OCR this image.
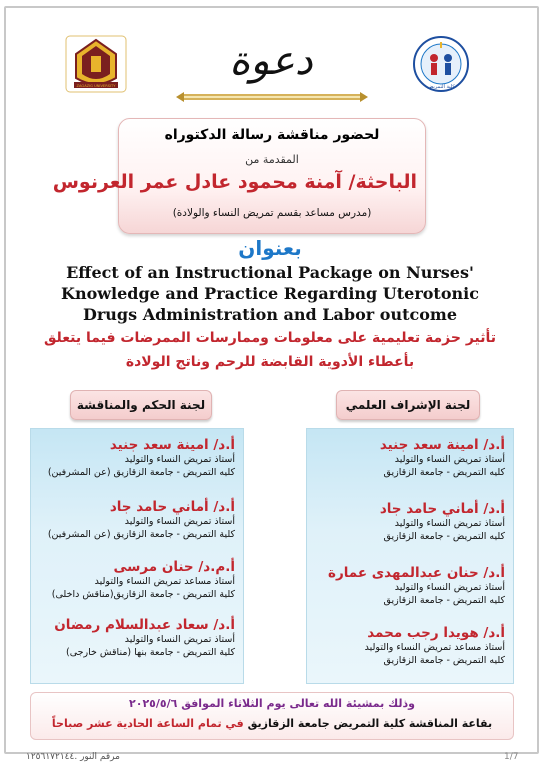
ZAGAZIG UNIVERSITY	كلية التمريض
دعوة
لحضور مناقشة رسالة الدكتوراه
المقدمة من
الباحثة/ آمنة محمود عادل عمر العرنوس
(مدرس مساعد بقسم تمريض النساء والولادة)
بعنوان
Effect of an Instructional Package on Nurses' Knowledge and Practice Regarding Uterotonic Drugs Administration and Labor outcome
تأثير حزمة تعليمية على معلومات وممارسات الممرضات فيما يتعلق
بأعطاء الأدوية القابضة للرحم وناتج الولادة
لجنة الحكم والمناقشة	لجنة الإشراف العلمي
أ.د/ امينة سعد جنيد
أستاذ تمريض النساء والتوليد
كليه التمريض - جامعة الزقازيق (عن المشرفين)
أ.د/ أماني حامد جاد
أستاذ تمريض النساء والتوليد
كلية التمريض - جامعة الزقازيق (عن المشرفين)
أ.م.د/ حنان مرسى
أستاذ مساعد تمريض النساء والتوليد
كلية التمريض - جامعة الزقازيق(مناقش داخلى)
أ.د/ سعاد عبدالسلام رمضان
أستاذ تمريض النساء والتوليد
كلية التمريض - جامعة بنها (مناقش خارجى)
أ.د/ امينة سعد جنيد
أستاذ تمريض النساء والتوليد
كليه التمريض - جامعة الزقازيق
أ.د/ أماني حامد جاد
أستاذ تمريض النساء والتوليد
كليه التمريض - جامعة الزقازيق
أ.د/ حنان عبدالمهدى عمارة
أستاذ تمريض النساء والتوليد
كليه التمريض - جامعة الزقازيق
أ.د/ هويدا رجب محمد
أستاذ مساعد تمريض النساء والتوليد
كليه التمريض - جامعة الزقازيق
وذلك بمشيئة الله تعالى يوم الثلاثاء الموافق ٢٠٢٥/٥/٦
بقاعة المناقشة كلية التمريض جامعة الزقازيق في تمام الساعة الحادية عشر صباحاً
مرقم النور .١٢٥٦١٧٢١٤٤	1/7
